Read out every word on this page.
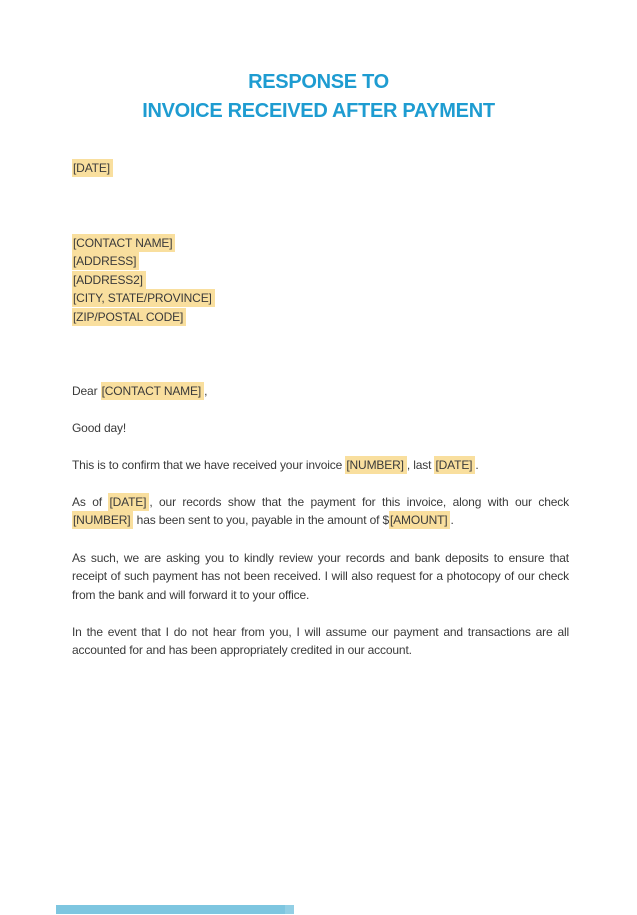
RESPONSE TO
INVOICE RECEIVED AFTER PAYMENT
[DATE]
[CONTACT NAME]
[ADDRESS]
[ADDRESS2]
[CITY, STATE/PROVINCE]
[ZIP/POSTAL CODE]
Dear [CONTACT NAME] ,
Good day!
This is to confirm that we have received your invoice [NUMBER] , last [DATE] .
As of [DATE] , our records show that the payment for this invoice, along with our check [NUMBER] has been sent to you, payable in the amount of $[AMOUNT] .
As such, we are asking you to kindly review your records and bank deposits to ensure that receipt of such payment has not been received. I will also request for a photocopy of our check from the bank and will forward it to your office.
In the event that I do not hear from you, I will assume our payment and transactions are all accounted for and has been appropriately credited in our account.
